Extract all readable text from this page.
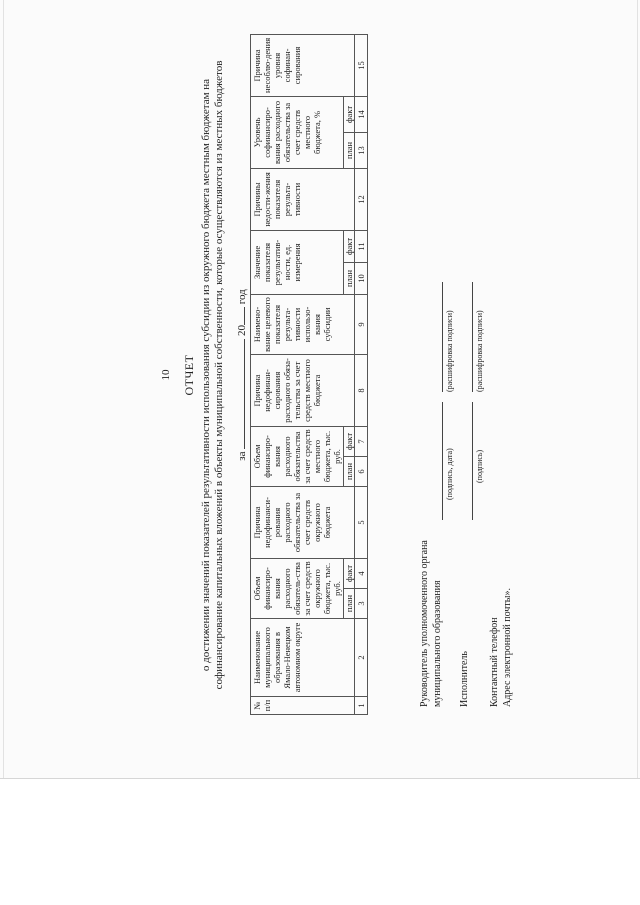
10 ОТЧЕТ о достижении значений показателей результативности использования субсидии из окружного бюджета местным бюджетам на софинансирование капитальных вложений в объекты муниципальной собственности, которые осуществляются из местных бюджетов за  20 год
№ п/п	Наименование муниципального образования в Ямало-Ненецком автономном округе	Объем финансиро-вания расходного обязатель-ства за счет средств окружного бюджета, тыс. руб.		Причина недофинанси-рования расходного обязательства за счет средств окружного бюджета	Объем финансиро-вания расходного обязательства за счет средств местного бюджета, тыс. руб.		Причина недофинан-сирования расходного обяза-тельства за счет средств местного бюджета	Наимено-вание целевого показателя результа-тивности использо-вания субсидии	Значение показателя результатив-ности, ед. измерения		Причины недости-жения показателя результа-тивности	Уровень софинансиро-вания расходного обязательства за счет средств местного бюджета, %		Причина несоблю-дения уровня софинан-сирования
		план	факт		план	факт			план	факт		план	факт	
1	2	3	4	5	6	7	8	9	10	11	12	13	14	15
Руководитель уполномоченного органа муниципального образования
(подпись, дата)
(расшифровка подписи)
Исполнитель
(подпись)
(расшифровка подписи)
Контактный телефон Адрес электронной почты».
